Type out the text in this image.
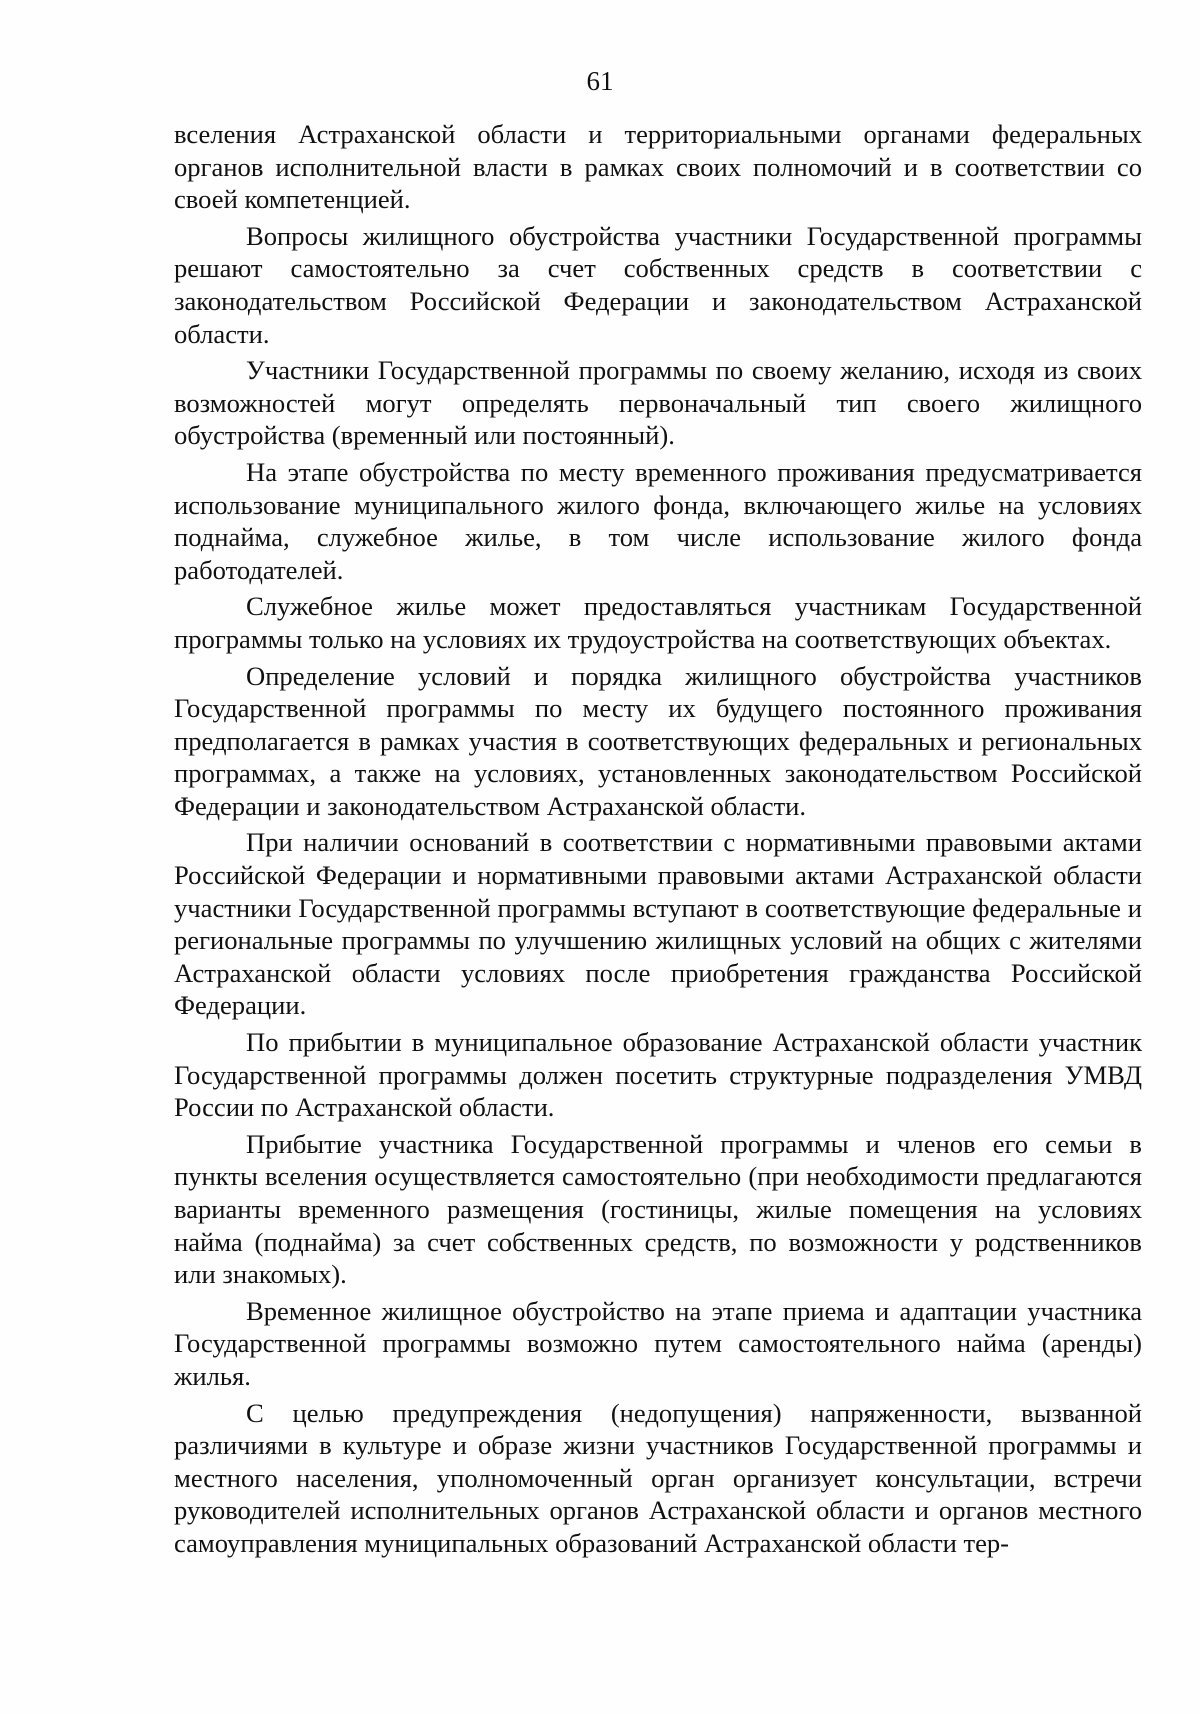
61

вселения Астраханской области и территориальными органами федеральных органов исполнительной власти в рамках своих полномочий и в соответствии со своей компетенцией.

Вопросы жилищного обустройства участники Государственной программы решают самостоятельно за счет собственных средств в соответствии с законодательством Российской Федерации и законодательством Астраханской области.

Участники Государственной программы по своему желанию, исходя из своих возможностей могут определять первоначальный тип своего жилищного обустройства (временный или постоянный).

На этапе обустройства по месту временного проживания предусматривается использование муниципального жилого фонда, включающего жилье на условиях поднайма, служебное жилье, в том числе использование жилого фонда работодателей.

Служебное жилье может предоставляться участникам Государственной программы только на условиях их трудоустройства на соответствующих объектах.

Определение условий и порядка жилищного обустройства участников Государственной программы по месту их будущего постоянного проживания предполагается в рамках участия в соответствующих федеральных и региональных программах, а также на условиях, установленных законодательством Российской Федерации и законодательством Астраханской области.

При наличии оснований в соответствии с нормативными правовыми актами Российской Федерации и нормативными правовыми актами Астраханской области участники Государственной программы вступают в соответствующие федеральные и региональные программы по улучшению жилищных условий на общих с жителями Астраханской области условиях после приобретения гражданства Российской Федерации.

По прибытии в муниципальное образование Астраханской области участник Государственной программы должен посетить структурные подразделения УМВД России по Астраханской области.

Прибытие участника Государственной программы и членов его семьи в пункты вселения осуществляется самостоятельно (при необходимости предлагаются варианты временного размещения (гостиницы, жилые помещения на условиях найма (поднайма) за счет собственных средств, по возможности у родственников или знакомых).

Временное жилищное обустройство на этапе приема и адаптации участника Государственной программы возможно путем самостоятельного найма (аренды) жилья.

С целью предупреждения (недопущения) напряженности, вызванной различиями в культуре и образе жизни участников Государственной программы и местного населения, уполномоченный орган организует консультации, встречи руководителей исполнительных органов Астраханской области и органов местного самоуправления муниципальных образований Астраханской области тер-
